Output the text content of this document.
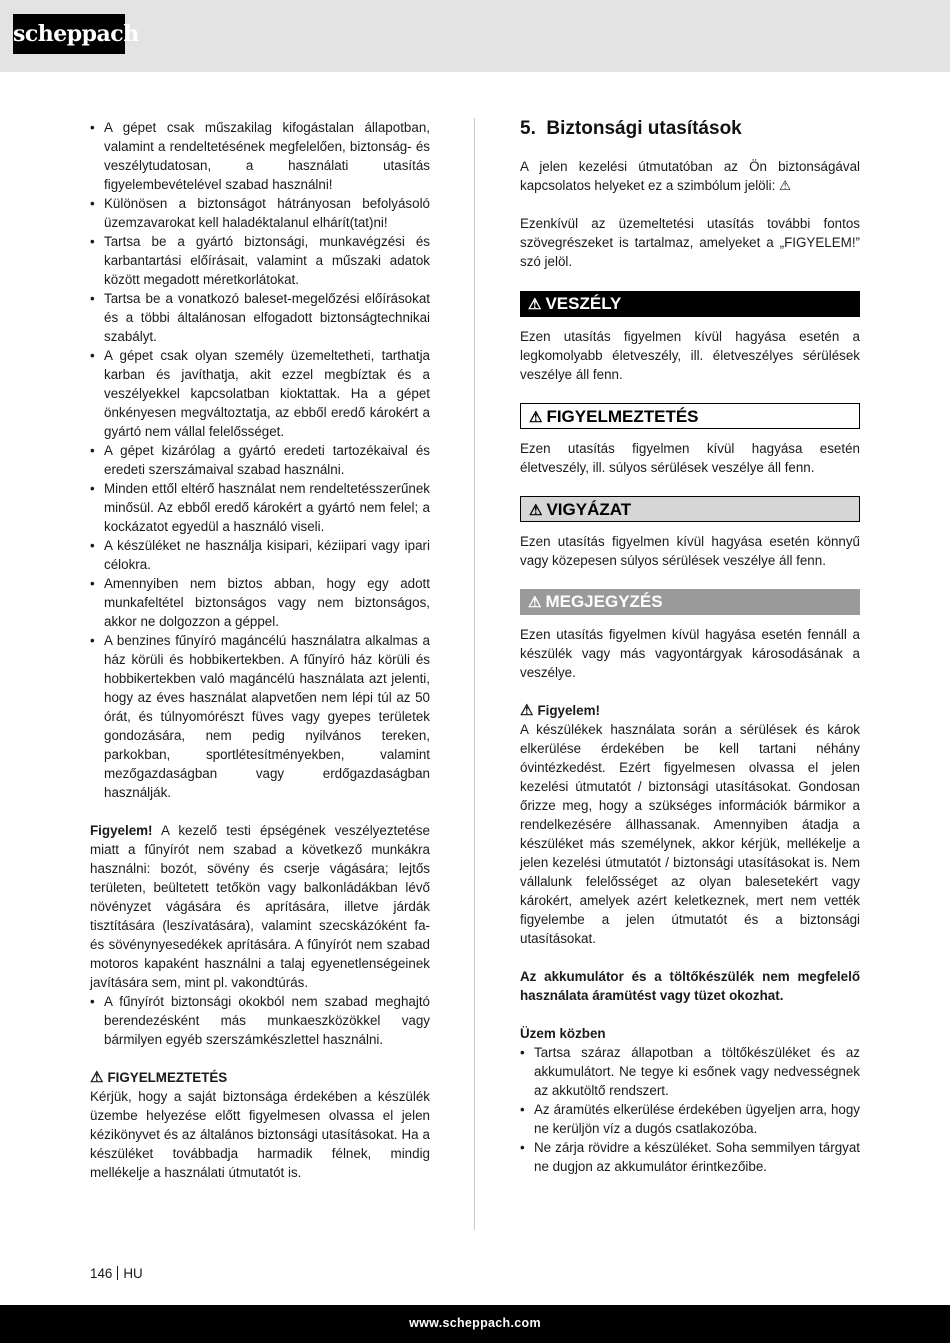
scheppach
• A gépet csak műszakilag kifogástalan állapotban, valamint a rendeltetésének megfelelően, biztonság- és veszélytudatosan, a használati utasítás figyelembevételével szabad használni!
• Különösen a biztonságot hátrányosan befolyásoló üzemzavarokat kell haladéktalanul elhárít(tat)ni!
• Tartsa be a gyártó biztonsági, munkavégzési és karbantartási előírásait, valamint a műszaki adatok között megadott méretkorlátokat.
• Tartsa be a vonatkozó baleset-megelőzési előírásokat és a többi általánosan elfogadott biztonságtechnikai szabályt.
• A gépet csak olyan személy üzemeltetheti, tarthatja karban és javíthatja, akit ezzel megbíztak és a veszélyekkel kapcsolatban kioktattak. Ha a gépet önkényesen megváltoztatja, az ebből eredő károkért a gyártó nem vállal felelősséget.
• A gépet kizárólag a gyártó eredeti tartozékaival és eredeti szerszámaival szabad használni.
• Minden ettől eltérő használat nem rendeltetésszerűnek minősül. Az ebből eredő károkért a gyártó nem felel; a kockázatot egyedül a használó viseli.
• A készüléket ne használja kisipari, kéziipari vagy ipari célokra.
• Amennyiben nem biztos abban, hogy egy adott munkafeltétel biztonságos vagy nem biztonságos, akkor ne dolgozzon a géppel.
• A benzines fűnyíró magáncélú használatra alkalmas a ház körüli és hobbikertekben. A fűnyíró ház körüli és hobbikertekben való magáncélú használata azt jelenti, hogy az éves használat alapvetően nem lépi túl az 50 órát, és túlnyomórészt füves vagy gyepes területek gondozására, nem pedig nyilvános tereken, parkokban, sportlétesítményekben, valamint mezőgazdaságban vagy erdőgazdaságban használják.

Figyelem! A kezelő testi épségének veszélyeztetése miatt a fűnyírót nem szabad a következő munkákra használni: bozót, sövény és cserje vágására; lejtős területen, beültetett tetőkön vagy balkonládákban lévő növényzet vágására és aprítására, illetve járdák tisztítására (leszívatására), valamint szecskázóként fa- és sövénynyesedékek aprítására. A fűnyírót nem szabad motoros kapaként használni a talaj egyenetlenségeinek javítására sem, mint pl. vakondtúrás.

• A fűnyírót biztonsági okokból nem szabad meghajtó berendezésként más munkaeszközökkel vagy bármilyen egyéb szerszámkészlettel használni.

⚠ FIGYELMEZTETÉS

Kérjük, hogy a saját biztonsága érdekében a készülék üzembe helyezése előtt figyelmesen olvassa el jelen kézikönyvet és az általános biztonsági utasításokat. Ha a készüléket továbbadja harmadik félnek, mindig mellékelje a használati útmutatót is.

5. Biztonsági utasítások

A jelen kezelési útmutatóban az Ön biztonságával kapcsolatos helyeket ez a szimbólum jelöli: ⚠

Ezenkívül az üzemeltetési utasítás további fontos szövegrészeket is tartalmaz, amelyeket a „FIGYELEM!” szó jelöl.

⚠ VESZÉLY

Ezen utasítás figyelmen kívül hagyása esetén a legkomolyabb életveszély, ill. életveszélyes sérülések veszélye áll fenn.

⚠ FIGYELMEZTETÉS

Ezen utasítás figyelmen kívül hagyása esetén életveszély, ill. súlyos sérülések veszélye áll fenn.

⚠ VIGYÁZAT

Ezen utasítás figyelmen kívül hagyása esetén könnyű vagy közepesen súlyos sérülések veszélye áll fenn.

⚠ MEGJEGYZÉS

Ezen utasítás figyelmen kívül hagyása esetén fennáll a készülék vagy más vagyontárgyak károsodásának a veszélye.

⚠ Figyelem!

A készülékek használata során a sérülések és károk elkerülése érdekében be kell tartani néhány óvintézkedést. Ezért figyelmesen olvassa el jelen kezelési útmutatót / biztonsági utasításokat. Gondosan őrizze meg, hogy a szükséges információk bármikor a rendelkezésére állhassanak. Amennyiben átadja a készüléket más személynek, akkor kérjük, mellékelje a jelen kezelési útmutatót / biztonsági utasításokat is. Nem vállalunk felelősséget az olyan balesetekért vagy károkért, amelyek azért keletkeznek, mert nem vették figyelembe a jelen útmutatót és a biztonsági utasításokat.

Az akkumulátor és a töltőkészülék nem megfelelő használata áramütést vagy tüzet okozhat.

Üzem közben

• Tartsa száraz állapotban a töltőkészüléket és az akkumulátort. Ne tegye ki esőnek vagy nedvességnek az akkutöltő rendszert.
• Az áramütés elkerülése érdekében ügyeljen arra, hogy ne kerüljön víz a dugós csatlakozóba.
• Ne zárja rövidre a készüléket. Soha semmilyen tárgyat ne dugjon az akkumulátor érintkezőibe.
146 HU
www.scheppach.com
